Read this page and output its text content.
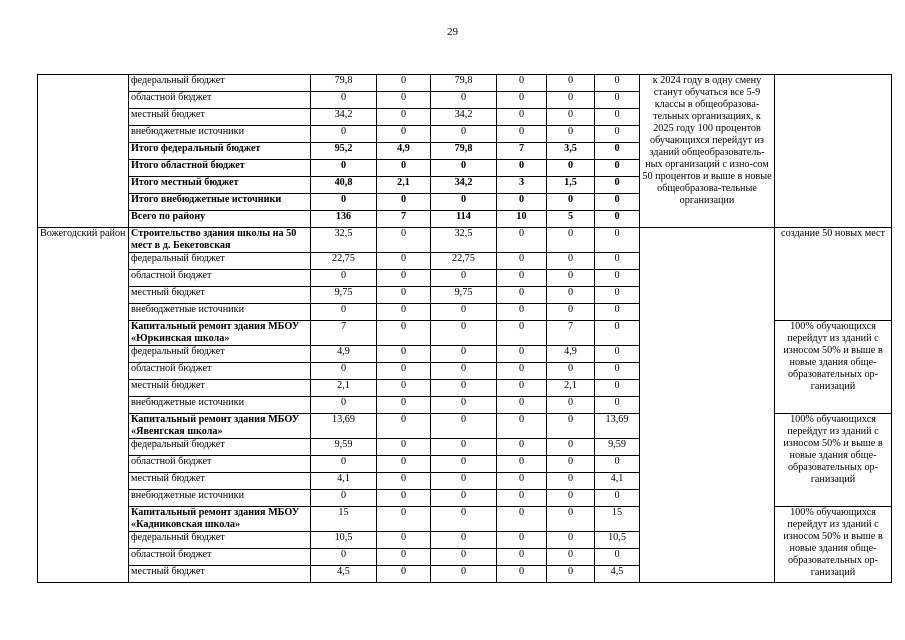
29
	федеральный бюджет	79,8	0	79,8	0	0	0	к 2024 году в одну смену станут обучаться все 5-9 классы в общеобразова-тельных организациях, к 2025 году 100 процентов обучающихся перейдут из зданий общеобразователь-ных организаций с изно-сом 50 процентов и выше в новые общеобразова-тельные организации	
	областной бюджет	0	0	0	0	0	0		
	местный бюджет	34,2	0	34,2	0	0	0		
	внебюджетные источники	0	0	0	0	0	0		
	Итого федеральный бюджет	95,2	4,9	79,8	7	3,5	0		
	Итого областной бюджет	0	0	0	0	0	0		
	Итого местный бюджет	40,8	2,1	34,2	3	1,5	0		
	Итого внебюджетные источники	0	0	0	0	0	0		
	Всего по району	136	7	114	10	5	0		
Вожегодский район	Строительство здания школы на 50 мест в д. Бекетовская	32,5	0	32,5	0	0	0		создание 50 новых мест
	федеральный бюджет	22,75	0	22,75	0	0	0		
	областной бюджет	0	0	0	0	0	0		
	местный бюджет	9,75	0	9,75	0	0	0		
	внебюджетные источники	0	0	0	0	0	0		
	Капитальный ремонт здания МБОУ «Юркинская школа»	7	0	0	0	7	0		100% обучающихся перейдут из зданий с износом 50% и выше в новые здания обще-образовательных ор-ганизаций
	федеральный бюджет	4,9	0	0	0	4,9	0		
	областной бюджет	0	0	0	0	0	0		
	местный бюджет	2,1	0	0	0	2,1	0		
	внебюджетные источники	0	0	0	0	0	0		
	Капитальный ремонт здания МБОУ «Явенгская школа»	13,69	0	0	0	0	13,69		100% обучающихся перейдут из зданий с износом 50% и выше в новые здания обще-образовательных ор-ганизаций
	федеральный бюджет	9,59	0	0	0	0	9,59		
	областной бюджет	0	0	0	0	0	0		
	местный бюджет	4,1	0	0	0	0	4,1		
	внебюджетные источники	0	0	0	0	0	0		
	Капитальный ремонт здания МБОУ «Кадниковская школа»	15	0	0	0	0	15		100% обучающихся перейдут из зданий с износом 50% и выше в новые здания обще-образовательных ор-ганизаций
	федеральный бюджет	10,5	0	0	0	0	10,5		
	областной бюджет	0	0	0	0	0	0		
	местный бюджет	4,5	0	0	0	0	4,5		
